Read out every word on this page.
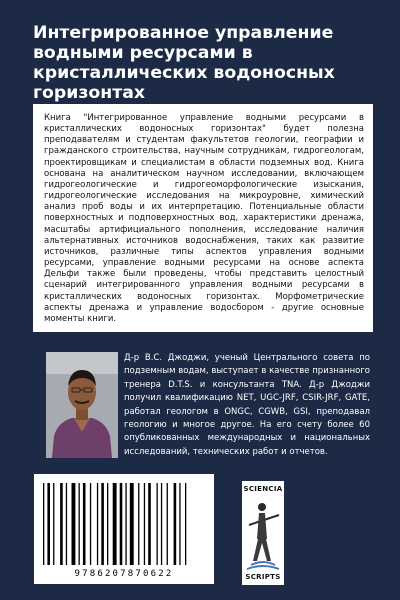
Интегрированное управление водными ресурсами в кристаллических водоносных горизонтах

Книга "Интегрированное управление водными ресурсами в кристаллических водоносных горизонтах" будет полезна преподавателям и студентам факультетов геологии, географии и гражданского строительства, научным сотрудникам, гидрогеологам, проектировщикам и специалистам в области подземных вод. Книга основана на аналитическом научном исследовании, включающем гидрогеологические и гидрогеоморфологические изыскания, гидрогеологические исследования на микроуровне, химический анализ проб воды и их интерпретацию. Потенциальные области поверхностных и подповерхностных вод, характеристики дренажа, масштабы артифициального пополнения, исследование наличия альтернативных источников водоснабжения, таких как развитие источников, различные типы аспектов управления водными ресурсами, управление водными ресурсами на основе аспекта Дельфи также были проведены, чтобы представить целостный сценарий интегрированного управления водными ресурсами в кристаллических водоносных горизонтах. Морфометрические аспекты дренажа и управление водосбором - другие основные моменты книги.

Д-р В.С. Джоджи, ученый Центрального совета по подземным водам, выступает в качестве признанного тренера D.T.S. и консультанта TNA. Д-р Джоджи получил квалификацию NET, UGC-JRF, CSIR-JRF, GATE, работал геологом в ONGC, CGWB, GSI, преподавал геологию и многое другое. На его счету более 60 опубликованных международных и национальных исследований, технических работ и отчетов.

9786207870622
SCIENCIA
SCRIPTS
